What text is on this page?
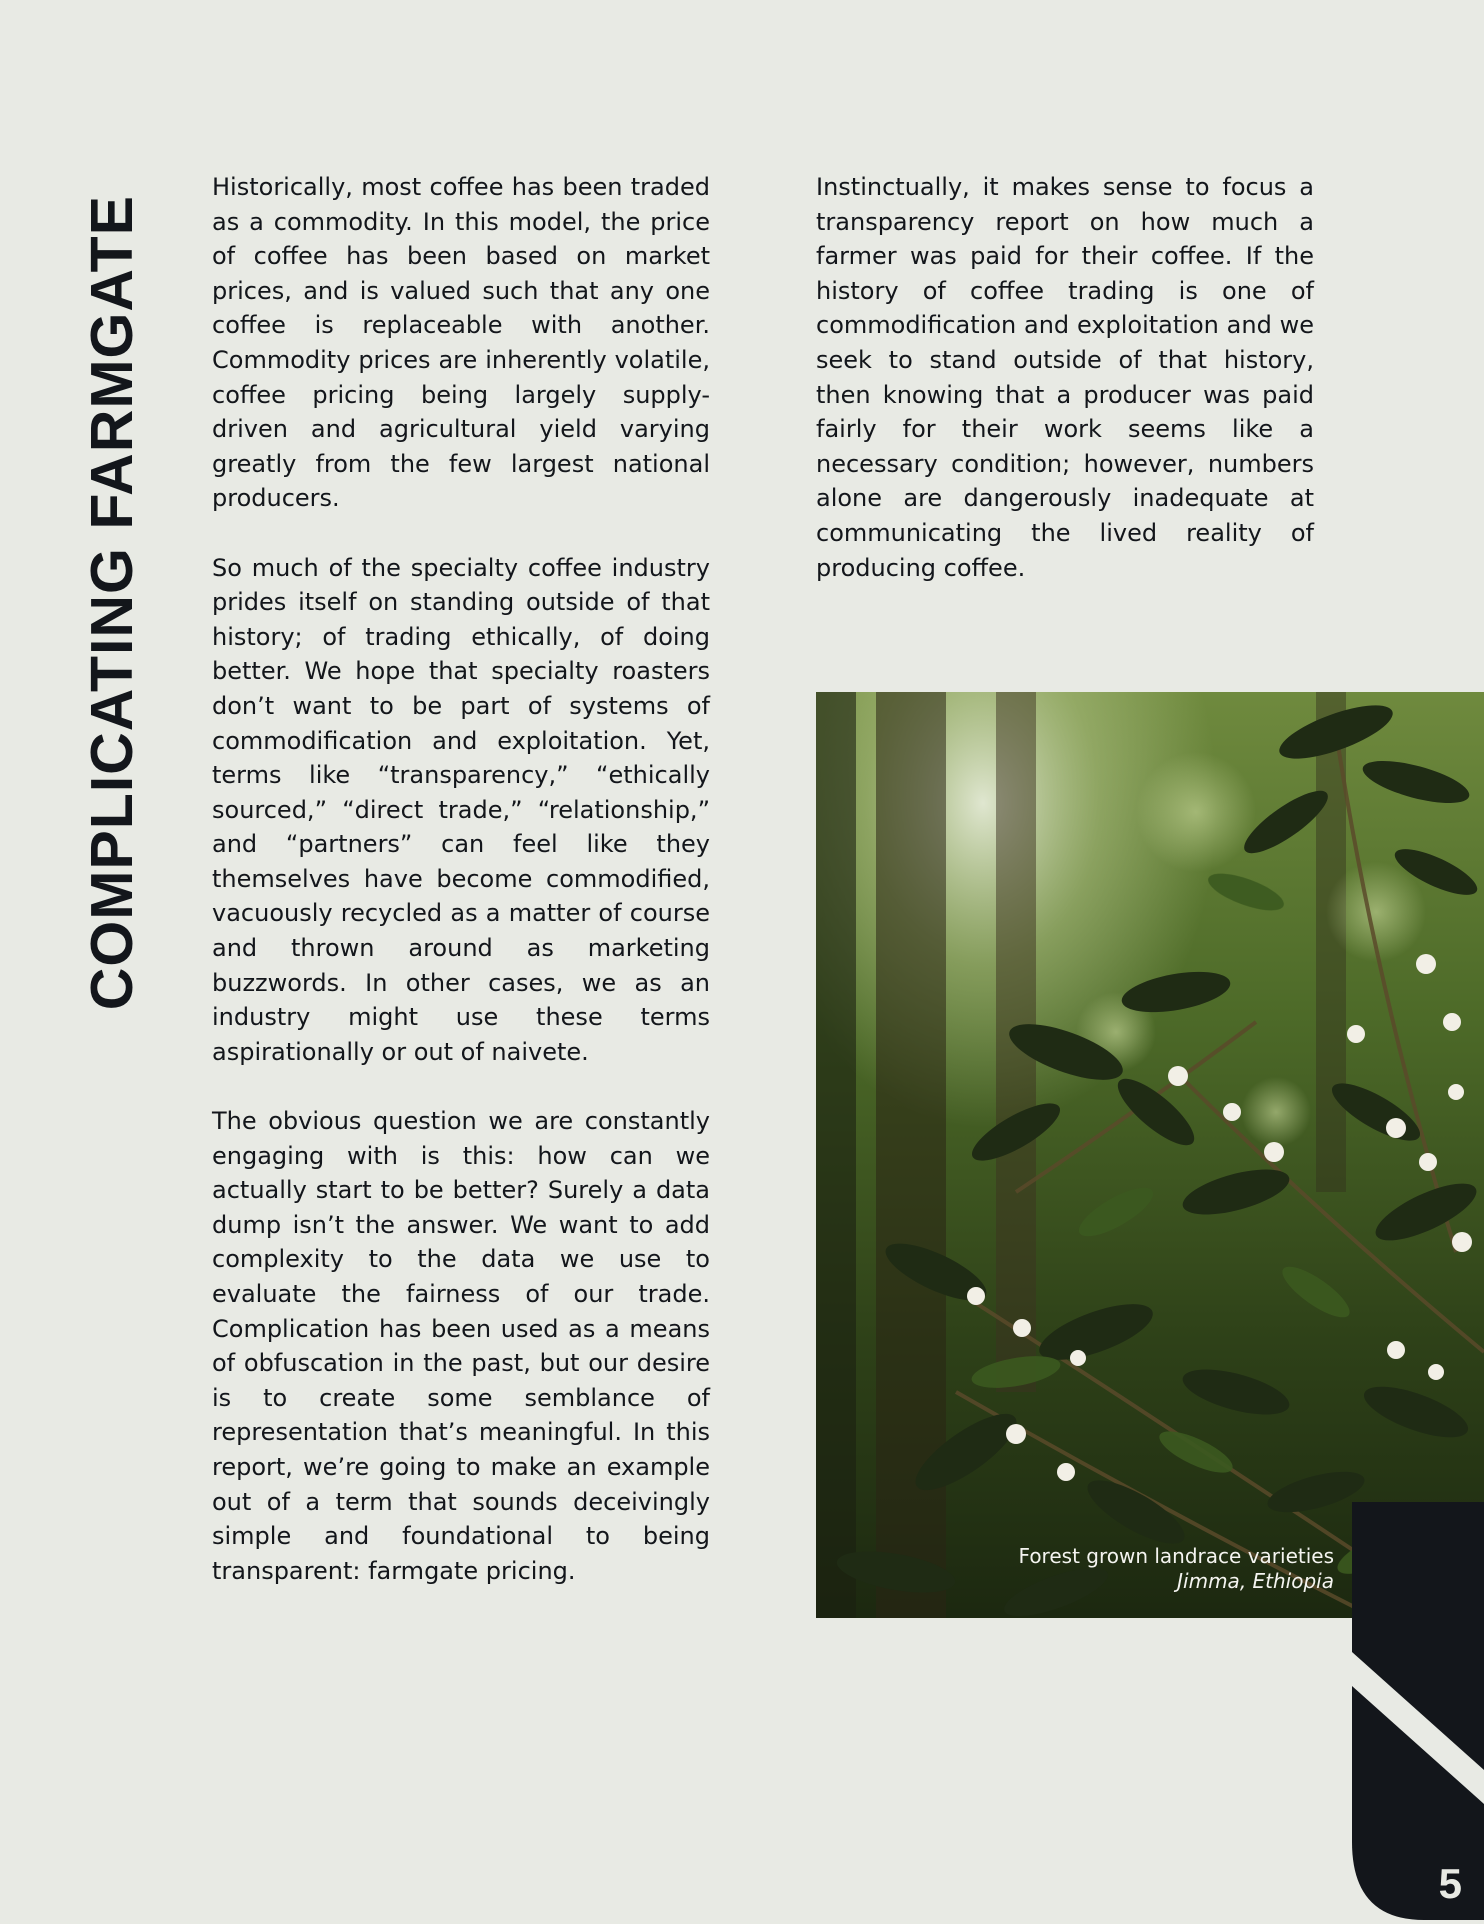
COMPLICATING FARMGATE

Historically, most coffee has been traded as a commodity. In this model, the price of coffee has been based on market prices, and is valued such that any one coffee is replaceable with another. Commodity prices are inherently volatile, coffee pricing being largely supply-driven and agricultural yield varying greatly from the few largest national producers.

So much of the specialty coffee industry prides itself on standing outside of that history; of trading ethically, of doing better. We hope that specialty roasters don’t want to be part of systems of commodification and exploitation. Yet, terms like “transparency,” “ethically sourced,” “direct trade,” “relationship,” and “partners” can feel like they themselves have become commodified, vacuously recycled as a matter of course and thrown around as marketing buzzwords. In other cases, we as an industry might use these terms aspirationally or out of naivete.

The obvious question we are constantly engaging with is this: how can we actually start to be better? Surely a data dump isn’t the answer. We want to add complexity to the data we use to evaluate the fairness of our trade. Complication has been used as a means of obfuscation in the past, but our desire is to create some semblance of representation that’s meaningful. In this report, we’re going to make an example out of a term that sounds deceivingly simple and foundational to being transparent: farmgate pricing.

Instinctually, it makes sense to focus a transparency report on how much a farmer was paid for their coffee. If the history of coffee trading is one of commodification and exploitation and we seek to stand outside of that history, then knowing that a producer was paid fairly for their work seems like a necessary condition; however, numbers alone are dangerously inadequate at communicating the lived reality of producing coffee.

Forest grown landrace varieties
Jimma, Ethiopia
5
